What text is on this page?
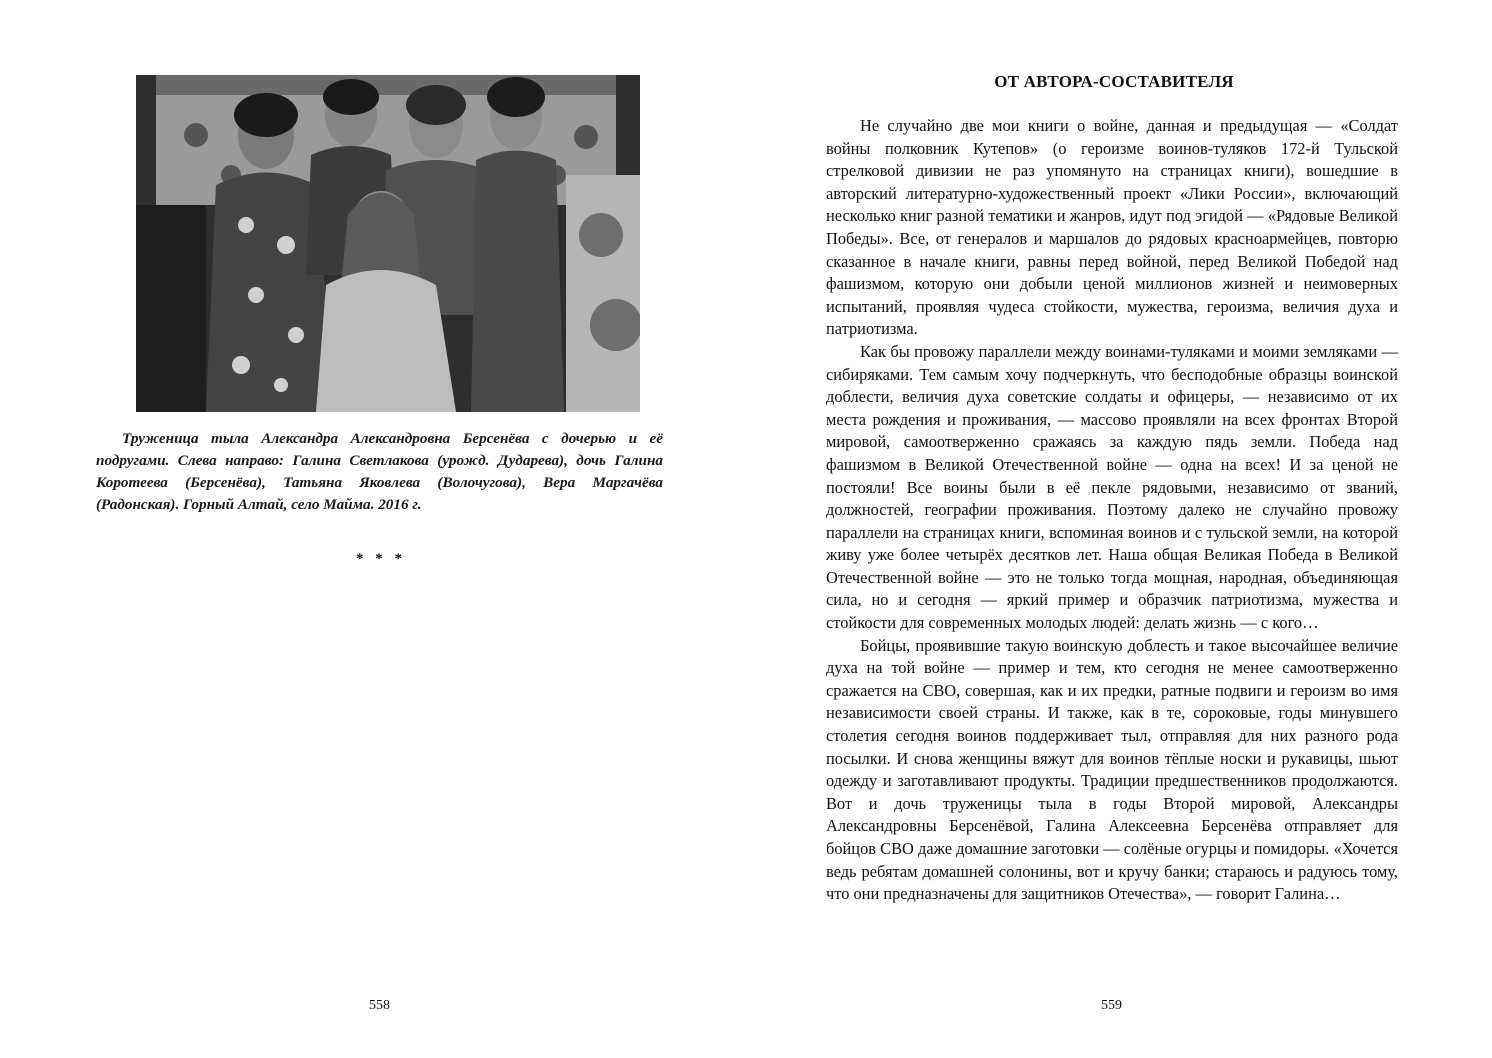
Труженица тыла Александра Александровна Берсенёва с дочерью и её подругами. Слева направо: Галина Светлакова (урожд. Дударева), дочь Галина Коротеева (Берсенёва), Татьяна Яковлева (Волочугова), Вера Маргачёва (Радонская). Горный Алтай, село Майма. 2016 г.
* * *
558
ОТ АВТОРА-СОСТАВИТЕЛЯ

Не случайно две мои книги о войне, данная и предыдущая — «Солдат войны полковник Кутепов» (о героизме воинов-туляков 172-й Тульской стрелковой дивизии не раз упомянуто на страницах книги), вошедшие в авторский литературно-художественный проект «Лики России», включающий несколько книг разной тематики и жанров, идут под эгидой — «Рядовые Великой Победы». Все, от генералов и маршалов до рядовых красноармейцев, повторю сказанное в начале книги, равны перед войной, перед Великой Победой над фашизмом, которую они добыли ценой миллионов жизней и неимоверных испытаний, проявляя чудеса стойкости, мужества, героизма, величия духа и патриотизма.

Как бы провожу параллели между воинами-туляками и моими земляками — сибиряками. Тем самым хочу подчеркнуть, что бесподобные образцы воинской доблести, величия духа советские солдаты и офицеры, — независимо от их места рождения и проживания, — массово проявляли на всех фронтах Второй мировой, самоотверженно сражаясь за каждую пядь земли. Победа над фашизмом в Великой Отечественной войне — одна на всех! И за ценой не постояли! Все воины были в её пекле рядовыми, независимо от званий, должностей, географии проживания. Поэтому далеко не случайно провожу параллели на страницах книги, вспоминая воинов и с тульской земли, на которой живу уже более четырёх десятков лет. Наша общая Великая Победа в Великой Отечественной войне — это не только тогда мощная, народная, объединяющая сила, но и сегодня — яркий пример и образчик патриотизма, мужества и стойкости для современных молодых людей: делать жизнь — с кого…

Бойцы, проявившие такую воинскую доблесть и такое высочайшее величие духа на той войне — пример и тем, кто сегодня не менее самоотверженно сражается на СВО, совершая, как и их предки, ратные подвиги и героизм во имя независимости своей страны. И также, как в те, сороковые, годы минувшего столетия сегодня воинов поддерживает тыл, отправляя для них разного рода посылки. И снова женщины вяжут для воинов тёплые носки и рукавицы, шьют одежду и заготавливают продукты. Традиции предшественников продолжаются. Вот и дочь труженицы тыла в годы Второй мировой, Александры Александровны Берсенёвой, Галина Алексеевна Берсенёва отправляет для бойцов СВО даже домашние заготовки — солёные огурцы и помидоры. «Хочется ведь ребятам домашней солонины, вот и кручу банки; стараюсь и радуюсь тому, что они предназначены для защитников Отечества», — говорит Галина…

559
